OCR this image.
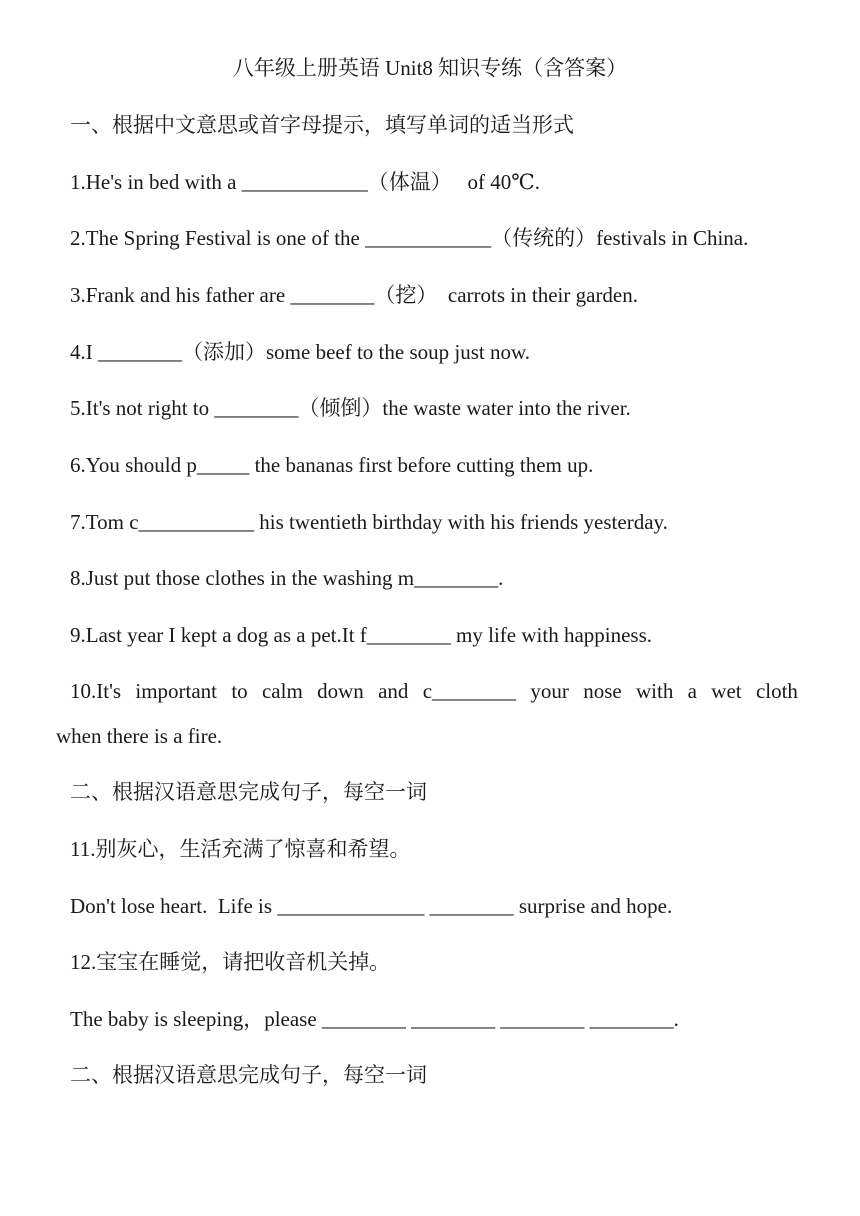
八年级上册英语 Unit8 知识专练（含答案）
一、根据中文意思或首字母提示，填写单词的适当形式
1.He's in bed with a ____________（体温）   of 40℃.
2.The Spring Festival is one of the ____________（传统的）festivals in China.
3.Frank and his father are ________（挖）  carrots in their garden.
4.I ________（添加）some beef to the soup just now.
5.It's not right to ________（倾倒）the waste water into the river.
6.You should p_____ the bananas first before cutting them up.
7.Tom c___________ his twentieth birthday with his friends yesterday.
8.Just put those clothes in the washing m________.
9.Last year I kept a dog as a pet.It f________ my life with happiness.
10.It's important to calm down and c________ your nose with a wet cloth
when there is a fire.
二、根据汉语意思完成句子，每空一词
11.别灰心，生活充满了惊喜和希望。
Don't lose heart.  Life is ______________ ________ surprise and hope.
12.宝宝在睡觉，请把收音机关掉。
The baby is sleeping，please ________ ________ ________ ________.
二、根据汉语意思完成句子，每空一词
